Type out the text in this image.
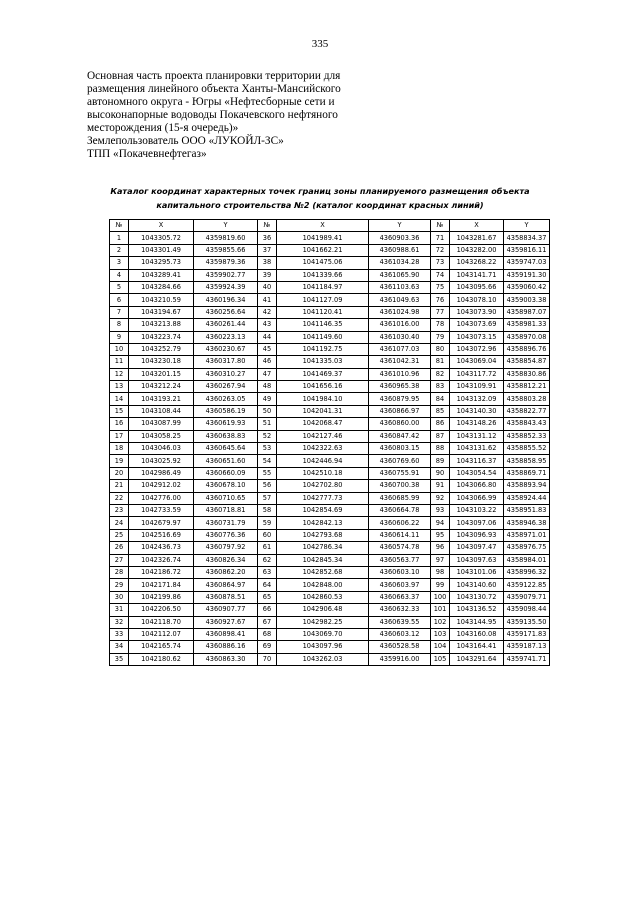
335
Основная часть проекта планировки территории для
размещения линейного объекта Ханты-Мансийского
автономного округа - Югры «Нефтесборные сети и
высоконапорные водоводы Покачевского нефтяного
месторождения (15-я очередь)»
Землепользователь ООО «ЛУКОЙЛ-ЗС»
ТПП «Покачевнефтегаз»
Каталог координат характерных точек границ зоны планируемого размещения объекта
капитального строительства №2 (каталог координат красных линий)
№	X	Y	№	X	Y	№	X	Y
1	1043305.72	4359819.60	36	1041989.41	4360903.36	71	1043281.67	4358834.37
2	1043301.49	4359855.66	37	1041662.21	4360988.61	72	1043282.00	4359816.11
3	1043295.73	4359879.36	38	1041475.06	4361034.28	73	1043268.22	4359747.03
4	1043289.41	4359902.77	39	1041339.66	4361065.90	74	1043141.71	4359191.30
5	1043284.66	4359924.39	40	1041184.97	4361103.63	75	1043095.66	4359060.42
6	1043210.59	4360196.34	41	1041127.09	4361049.63	76	1043078.10	4359003.38
7	1043194.67	4360256.64	42	1041120.41	4361024.98	77	1043073.90	4358987.07
8	1043213.88	4360261.44	43	1041146.35	4361016.00	78	1043073.69	4358981.33
9	1043223.74	4360223.13	44	1041149.60	4361030.40	79	1043073.15	4358970.08
10	1043252.79	4360230.67	45	1041192.75	4361077.03	80	1043072.96	4358896.76
11	1043230.18	4360317.80	46	1041335.03	4361042.31	81	1043069.04	4358854.87
12	1043201.15	4360310.27	47	1041469.37	4361010.96	82	1043117.72	4358830.86
13	1043212.24	4360267.94	48	1041656.16	4360965.38	83	1043109.91	4358812.21
14	1043193.21	4360263.05	49	1041984.10	4360879.95	84	1043132.09	4358803.28
15	1043108.44	4360586.19	50	1042041.31	4360866.97	85	1043140.30	4358822.77
16	1043087.99	4360619.93	51	1042068.47	4360860.00	86	1043148.26	4358843.43
17	1043058.25	4360638.83	52	1042127.46	4360847.42	87	1043131.12	4358852.33
18	1043046.03	4360645.64	53	1042322.63	4360803.15	88	1043131.62	4358855.52
19	1043025.92	4360651.60	54	1042446.94	4360769.60	89	1043116.37	4358858.95
20	1042986.49	4360660.09	55	1042510.18	4360755.91	90	1043054.54	4358869.71
21	1042912.02	4360678.10	56	1042702.80	4360700.38	91	1043066.80	4358893.94
22	1042776.00	4360710.65	57	1042777.73	4360685.99	92	1043066.99	4358924.44
23	1042733.59	4360718.81	58	1042854.69	4360664.78	93	1043103.22	4358951.83
24	1042679.97	4360731.79	59	1042842.13	4360606.22	94	1043097.06	4358946.38
25	1042516.69	4360776.36	60	1042793.68	4360614.11	95	1043096.93	4358971.01
26	1042436.73	4360797.92	61	1042786.34	4360574.78	96	1043097.47	4358976.75
27	1042326.74	4360826.34	62	1042845.34	4360563.77	97	1043097.63	4358984.01
28	1042186.72	4360862.20	63	1042852.68	4360603.10	98	1043101.06	4358996.32
29	1042171.84	4360864.97	64	1042848.00	4360603.97	99	1043140.60	4359122.85
30	1042199.86	4360878.51	65	1042860.53	4360663.37	100	1043130.72	4359079.71
31	1042206.50	4360907.77	66	1042906.48	4360632.33	101	1043136.52	4359098.44
32	1042118.70	4360927.67	67	1042982.25	4360639.55	102	1043144.95	4359135.50
33	1042112.07	4360898.41	68	1043069.70	4360603.12	103	1043160.08	4359171.83
34	1042165.74	4360886.16	69	1043097.96	4360528.58	104	1043164.41	4359187.13
35	1042180.62	4360863.30	70	1043262.03	4359916.00	105	1043291.64	4359741.71
